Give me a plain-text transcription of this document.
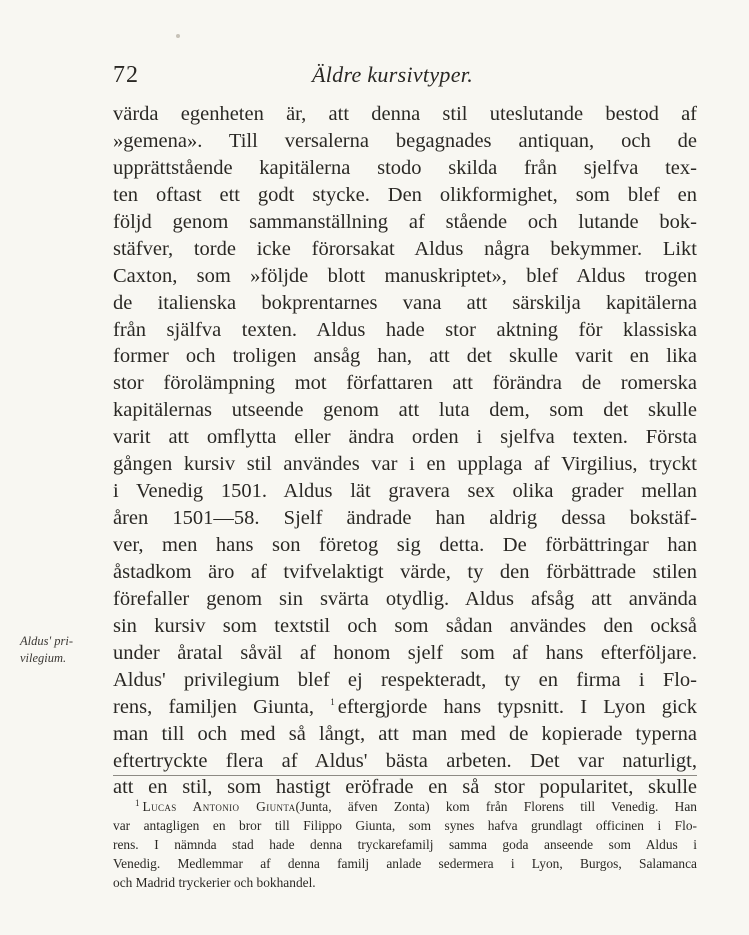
72	Äldre kursivtyper.
Aldus' pri-
vilegium.
värda egenheten är, att denna stil uteslutande bestod af
»gemena». Till versalerna begagnades antiquan, och de
upprättstående kapitälerna stodo skilda från sjelfva tex-
ten oftast ett godt stycke. Den olikformighet, som blef en
följd genom sammanställning af stående och lutande bok-
stäfver, torde icke förorsakat Aldus några bekymmer. Likt
Caxton, som »följde blott manuskriptet», blef Aldus trogen
de italienska bokprentarnes vana att särskilja kapitälerna
från själfva texten. Aldus hade stor aktning för klassiska
former och troligen ansåg han, att det skulle varit en lika
stor förolämpning mot författaren att förändra de romerska
kapitälernas utseende genom att luta dem, som det skulle
varit att omflytta eller ändra orden i sjelfva texten. Första
gången kursiv stil användes var i en upplaga af Virgilius, tryckt
i Venedig 1501. Aldus lät gravera sex olika grader mellan
åren 1501—58. Sjelf ändrade han aldrig dessa bokstäf-
ver, men hans son företog sig detta. De förbättringar han
åstadkom äro af tvifvelaktigt värde, ty den förbättrade stilen
förefaller genom sin svärta otydlig. Aldus afsåg att använda
sin kursiv som textstil och som sådan användes den också
under åratal såväl af honom sjelf som af hans efterföljare.
Aldus' privilegium blef ej respekteradt, ty en firma i Flo-
rens, familjen Giunta, $^1$ eftergjorde hans typsnitt. I Lyon gick
man till och med så långt, att man med de kopierade typerna
eftertryckte flera af Aldus' bästa arbeten. Det var naturligt,
att en stil, som hastigt eröfrade en så stor popularitet, skulle
$^1$ Lucas Antonio Giunta(Junta, äfven Zonta) kom från Florens till Venedig. Han
var antagligen en bror till Filippo Giunta, som synes hafva grundlagt officinen i Flo-
rens. I nämnda stad hade denna tryckarefamilj samma goda anseende som Aldus i
Venedig. Medlemmar af denna familj anlade sedermera i Lyon, Burgos, Salamanca
och Madrid tryckerier och bokhandel.
